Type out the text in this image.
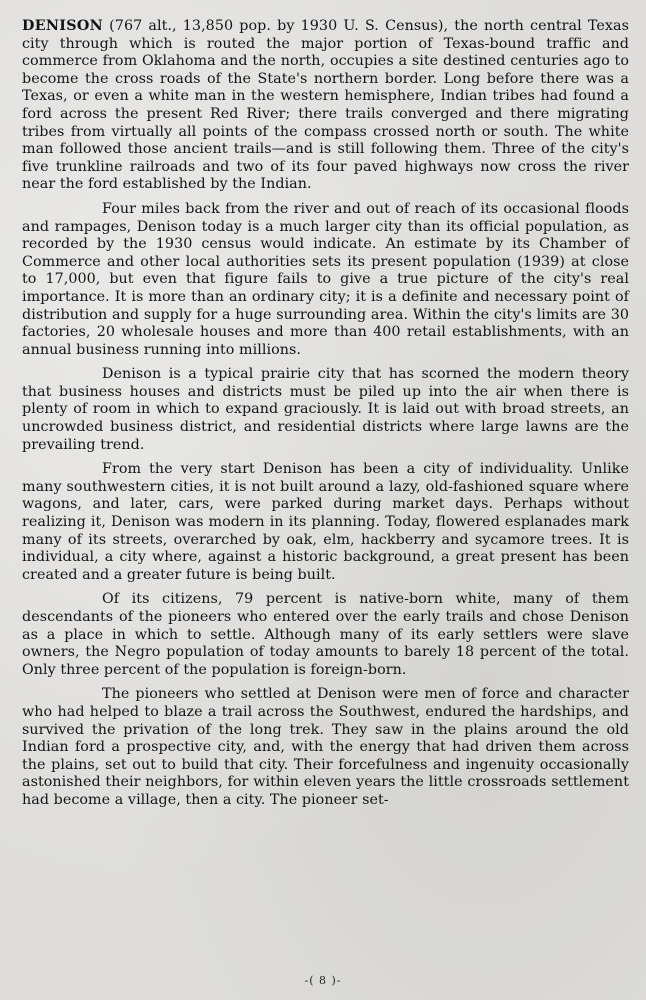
DENISON (767 alt., 13,850 pop. by 1930 U. S. Census), the north central Texas city through which is routed the major portion of Texas-bound traffic and commerce from Oklahoma and the north, occupies a site destined centuries ago to become the cross roads of the State's northern border. Long before there was a Texas, or even a white man in the western hemisphere, Indian tribes had found a ford across the present Red River; there trails converged and there migrating tribes from virtually all points of the compass crossed north or south. The white man followed those ancient trails—and is still following them. Three of the city's five trunkline railroads and two of its four paved highways now cross the river near the ford established by the Indian.

Four miles back from the river and out of reach of its occasional floods and rampages, Denison today is a much larger city than its official population, as recorded by the 1930 census would indicate. An estimate by its Chamber of Commerce and other local authorities sets its present population (1939) at close to 17,000, but even that figure fails to give a true picture of the city's real importance. It is more than an ordinary city; it is a definite and necessary point of distribution and supply for a huge surrounding area. Within the city's limits are 30 factories, 20 wholesale houses and more than 400 retail establishments, with an annual business running into millions.

Denison is a typical prairie city that has scorned the modern theory that business houses and districts must be piled up into the air when there is plenty of room in which to expand graciously. It is laid out with broad streets, an uncrowded business district, and residential districts where large lawns are the prevailing trend.

From the very start Denison has been a city of individuality. Unlike many southwestern cities, it is not built around a lazy, old-fashioned square where wagons, and later, cars, were parked during market days. Perhaps without realizing it, Denison was modern in its planning. Today, flowered esplanades mark many of its streets, overarched by oak, elm, hackberry and sycamore trees. It is individual, a city where, against a historic background, a great present has been created and a greater future is being built.

Of its citizens, 79 percent is native-born white, many of them descendants of the pioneers who entered over the early trails and chose Denison as a place in which to settle. Although many of its early settlers were slave owners, the Negro population of today amounts to barely 18 percent of the total. Only three percent of the population is foreign-born.

The pioneers who settled at Denison were men of force and character who had helped to blaze a trail across the Southwest, endured the hardships, and survived the privation of the long trek. They saw in the plains around the old Indian ford a prospective city, and, with the energy that had driven them across the plains, set out to build that city. Their forcefulness and ingenuity occasionally astonished their neighbors, for within eleven years the little crossroads settlement had become a village, then a city. The pioneer set-

-( 8 )-
